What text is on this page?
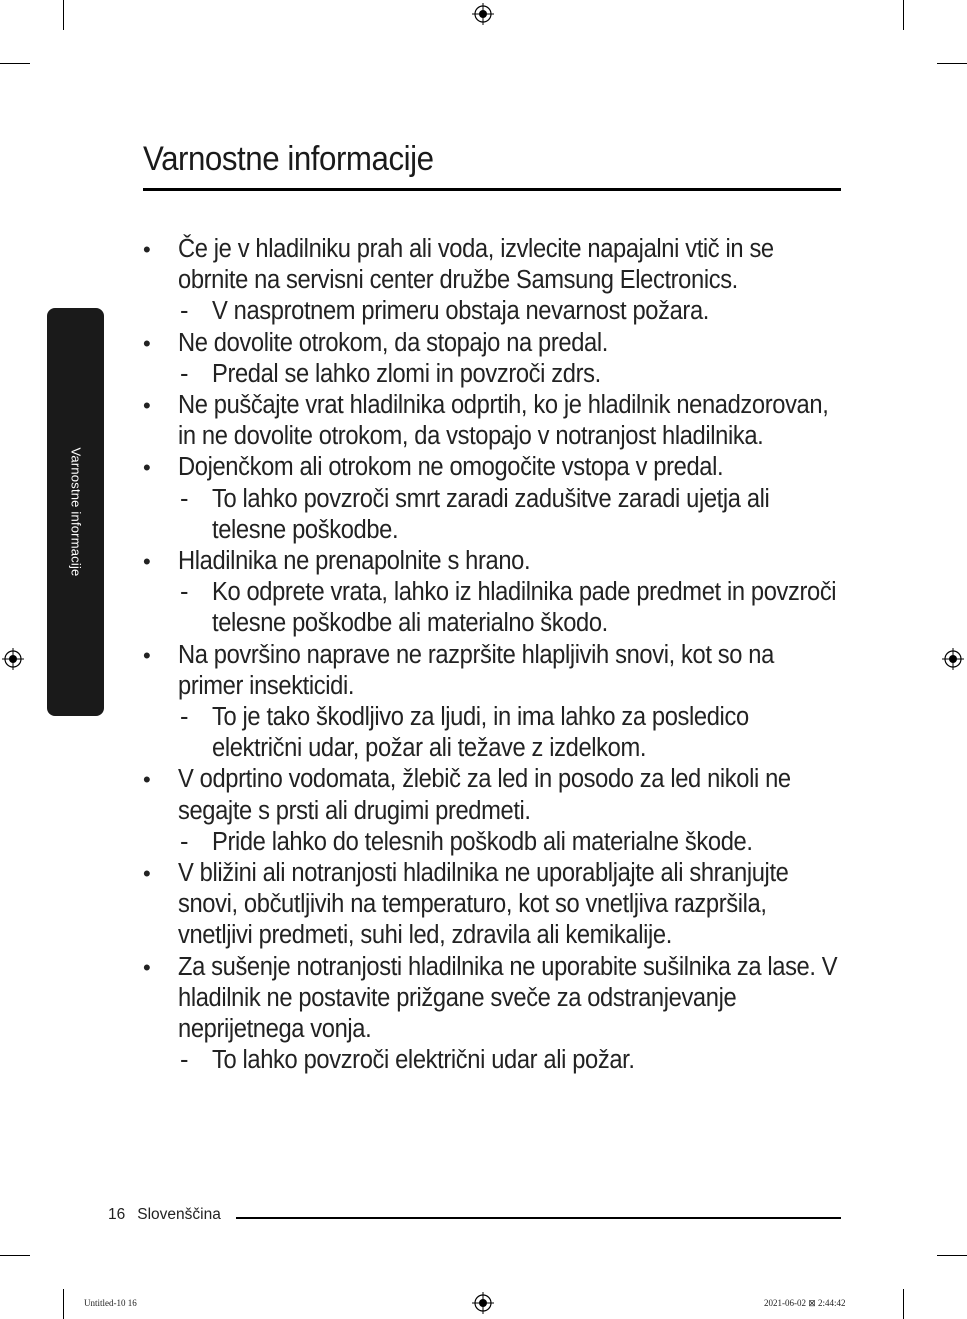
Varnostne informacije
Varnostne informacije
• Če je v hladilniku prah ali voda, izvlecite napajalni vtič in se obrnite na servisni center družbe Samsung Electronics.
- V nasprotnem primeru obstaja nevarnost požara.
• Ne dovolite otrokom, da stopajo na predal.
- Predal se lahko zlomi in povzroči zdrs.
• Ne puščajte vrat hladilnika odprtih, ko je hladilnik nenadzorovan, in ne dovolite otrokom, da vstopajo v notranjost hladilnika.
• Dojenčkom ali otrokom ne omogočite vstopa v predal.
- To lahko povzroči smrt zaradi zadušitve zaradi ujetja ali telesne poškodbe.
• Hladilnika ne prenapolnite s hrano.
- Ko odprete vrata, lahko iz hladilnika pade predmet in povzroči telesne poškodbe ali materialno škodo.
• Na površino naprave ne razpršite hlapljivih snovi, kot so na primer insekticidi.
- To je tako škodljivo za ljudi, in ima lahko za posledico električni udar, požar ali težave z izdelkom.
• V odprtino vodomata, žlebič za led in posodo za led nikoli ne segajte s prsti ali drugimi predmeti.
- Pride lahko do telesnih poškodb ali materialne škode.
• V bližini ali notranjosti hladilnika ne uporabljajte ali shranjujte snovi, občutljivih na temperaturo, kot so vnetljiva razpršila, vnetljivi predmeti, suhi led, zdravila ali kemikalije.
• Za sušenje notranjosti hladilnika ne uporabite sušilnika za lase. V hladilnik ne postavite prižgane sveče za odstranjevanje neprijetnega vonja.
- To lahko povzroči električni udar ali požar.
16 Slovenščina
Untitled-10 16	2021-06-02 ⊠ 2:44:42
